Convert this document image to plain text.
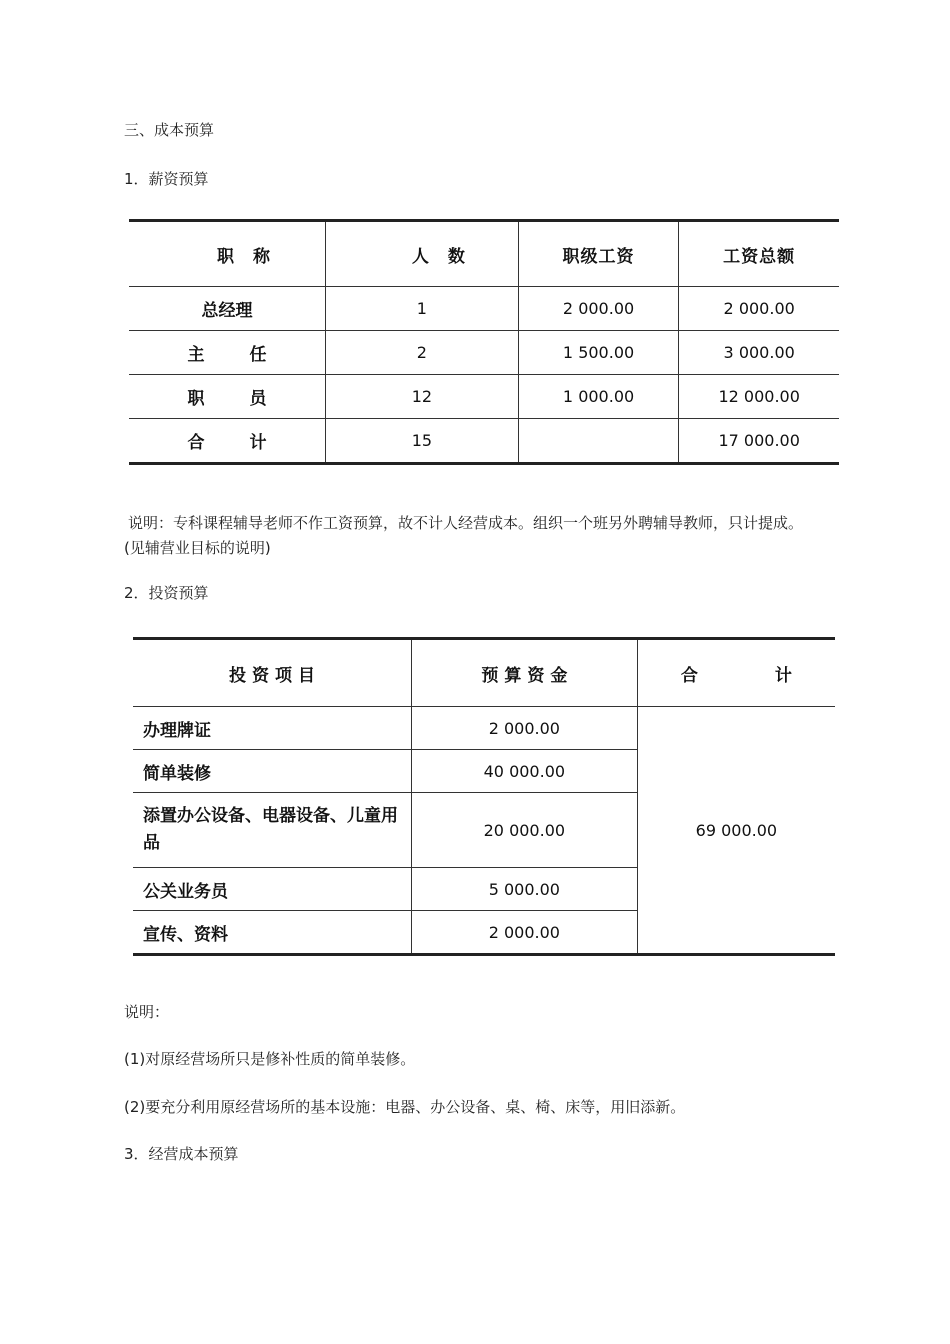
三、成本预算

1．薪资预算

职　称	人　数	职级工资	工资总额
总经理	1	2 000.00	2 000.00
主　任	2	1 500.00	3 000.00
职　员	12	1 000.00	12 000.00
合　计	15		17 000.00

说明：专科课程辅导老师不作工资预算，故不计人经营成本。组织一个班另外聘辅导教师，只计提成。

(见辅营业目标的说明)

2．投资预算

投资项目	预算资金	合　计
办理牌证	2 000.00	69 000.00
简单装修	40 000.00	
添置办公设备、电器设备、儿童用品	20 000.00	
公关业务员	5 000.00	
宣传、资料	2 000.00	

说明：

(1)对原经营场所只是修补性质的简单装修。

(2)要充分利用原经营场所的基本设施：电器、办公设备、桌、椅、床等，用旧添新。

3．经营成本预算
